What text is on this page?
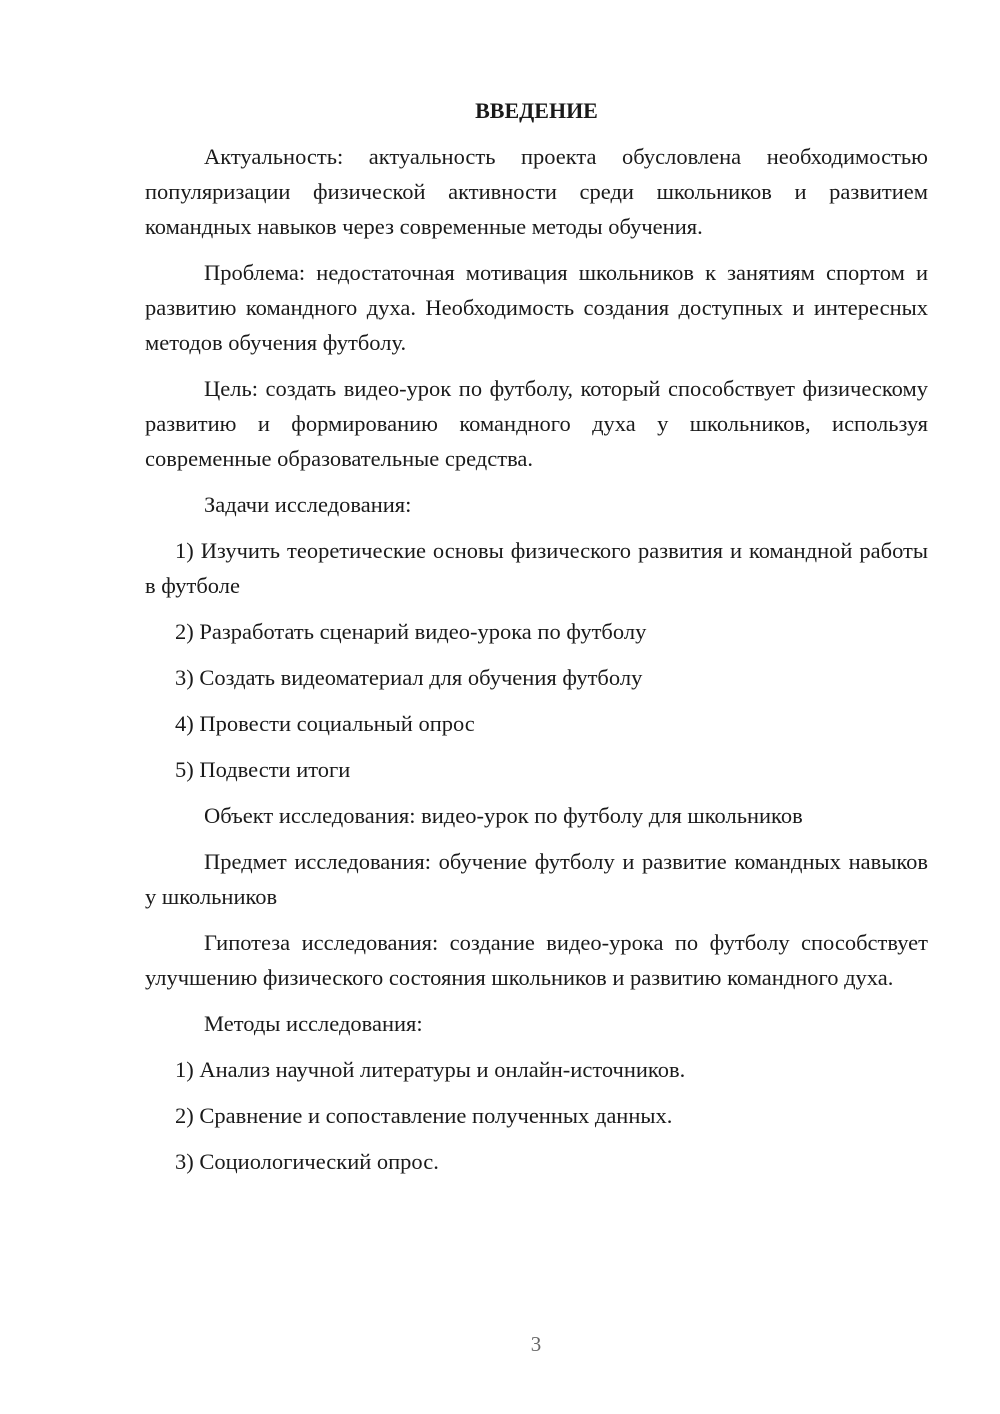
ВВЕДЕНИЕ

Актуальность: актуальность проекта обусловлена необходимостью популяризации физической активности среди школьников и развитием командных навыков через современные методы обучения.

Проблема: недостаточная мотивация школьников к занятиям спортом и развитию командного духа. Необходимость создания доступных и интересных методов обучения футболу.

Цель: создать видео-урок по футболу, который способствует физическому развитию и формированию командного духа у школьников, используя современные образовательные средства.

Задачи исследования:

1) Изучить теоретические основы физического развития и командной работы в футболе

2) Разработать сценарий видео-урока по футболу

3) Создать видеоматериал для обучения футболу

4) Провести социальный опрос

5) Подвести итоги

Объект исследования: видео-урок по футболу для школьников

Предмет исследования: обучение футболу и развитие командных навыков у школьников

Гипотеза исследования: создание видео-урока по футболу способствует улучшению физического состояния школьников и развитию командного духа.

Методы исследования:

1) Анализ научной литературы и онлайн-источников.

2) Сравнение и сопоставление полученных данных.

3) Социологический опрос.

3
